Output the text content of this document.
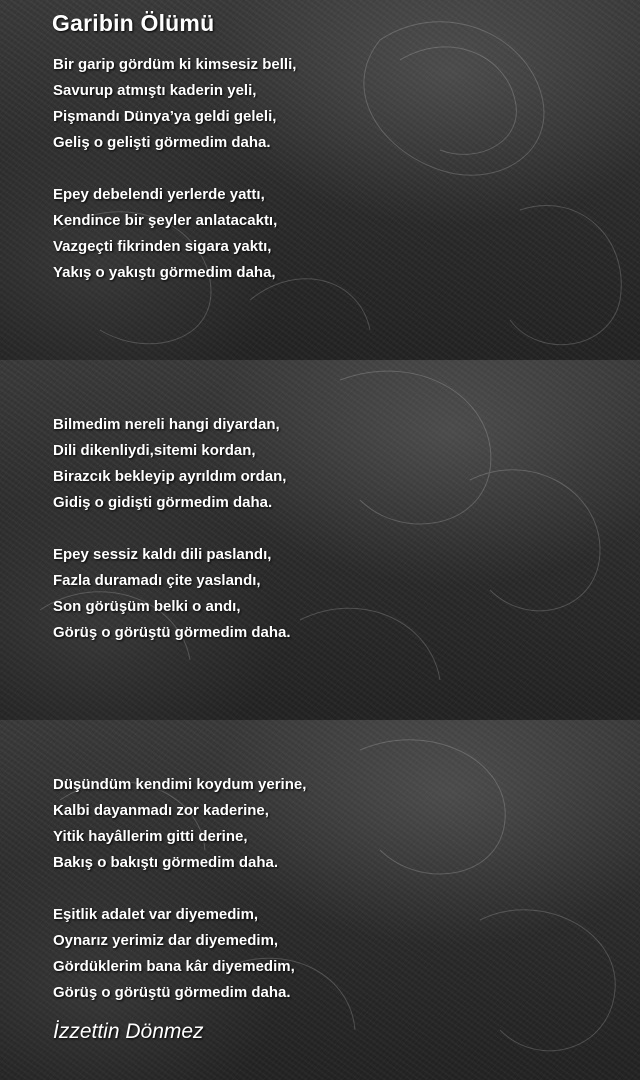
Garibin Ölümü
Bir garip gördüm ki kimsesiz belli,
Savurup atmıştı kaderin yeli,
Pişmandı Dünya’ya geldi geleli,
Geliş o gelişti görmedim daha.
Epey debelendi yerlerde yattı,
Kendince bir şeyler anlatacaktı,
Vazgeçti fikrinden sigara yaktı,
Yakış o yakıştı görmedim daha,
Bilmedim nereli hangi diyardan,
Dili dikenliydi,sitemi kordan,
Birazcık bekleyip ayrıldım ordan,
Gidiş o gidişti görmedim daha.
Epey sessiz kaldı dili paslandı,
Fazla duramadı çite yaslandı,
Son görüşüm belki o andı,
Görüş o görüştü görmedim daha.
Düşündüm kendimi koydum yerine,
Kalbi dayanmadı zor kaderine,
Yitik hayâllerim gitti derine,
Bakış o bakıştı görmedim daha.
Eşitlik adalet var diyemedim,
Oynarız yerimiz dar diyemedim,
Gördüklerim bana kâr diyemedim,
Görüş o görüştü görmedim daha.
İzzettin Dönmez
